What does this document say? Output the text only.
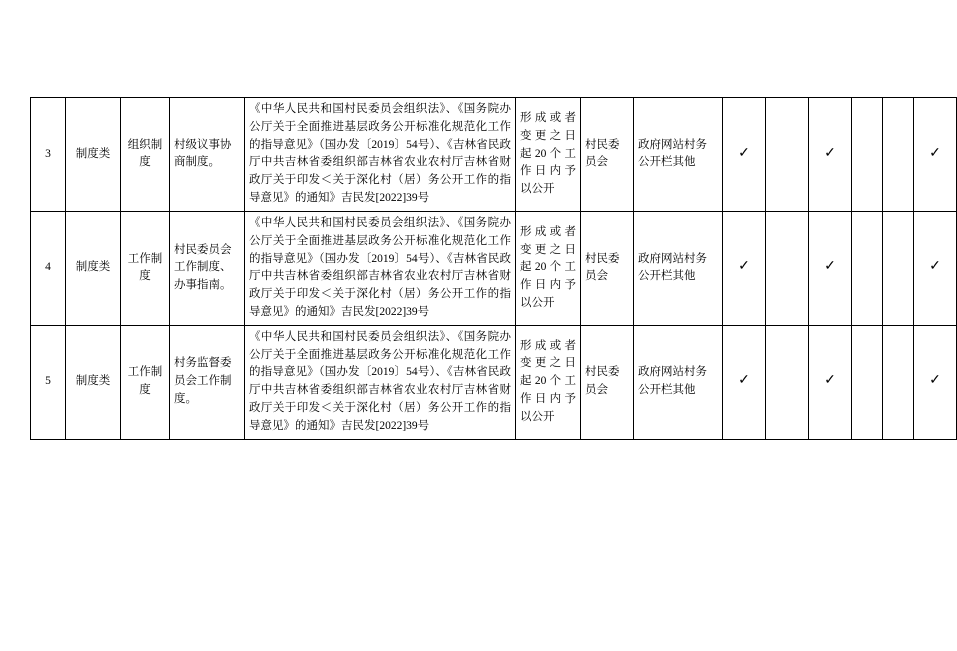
3	制度类	组织制度	村级议事协商制度。	《中华人民共和国村民委员会组织法》、《国务院办公厅关于全面推进基层政务公开标准化规范化工作的指导意见》（国办发〔2019〕54号）、《吉林省民政厅中共吉林省委组织部吉林省农业农村厅吉林省财政厅关于印发＜关于深化村（居）务公开工作的指导意见》的通知》吉民发[2022]39号	形成或者变更之日起20个工作日内予以公开	村民委员会	政府网站村务公开栏其他	✓		✓			✓
4	制度类	工作制度	村民委员会工作制度、办事指南。	《中华人民共和国村民委员会组织法》、《国务院办公厅关于全面推进基层政务公开标准化规范化工作的指导意见》（国办发〔2019〕54号）、《吉林省民政厅中共吉林省委组织部吉林省农业农村厅吉林省财政厅关于印发＜关于深化村（居）务公开工作的指导意见》的通知》吉民发[2022]39号	形成或者变更之日起20个工作日内予以公开	村民委员会	政府网站村务公开栏其他	✓		✓			✓
5	制度类	工作制度	村务监督委员会工作制度。	《中华人民共和国村民委员会组织法》、《国务院办公厅关于全面推进基层政务公开标准化规范化工作的指导意见》（国办发〔2019〕54号）、《吉林省民政厅中共吉林省委组织部吉林省农业农村厅吉林省财政厅关于印发＜关于深化村（居）务公开工作的指导意见》的通知》吉民发[2022]39号	形成或者变更之日起20个工作日内予以公开	村民委员会	政府网站村务公开栏其他	✓		✓			✓
